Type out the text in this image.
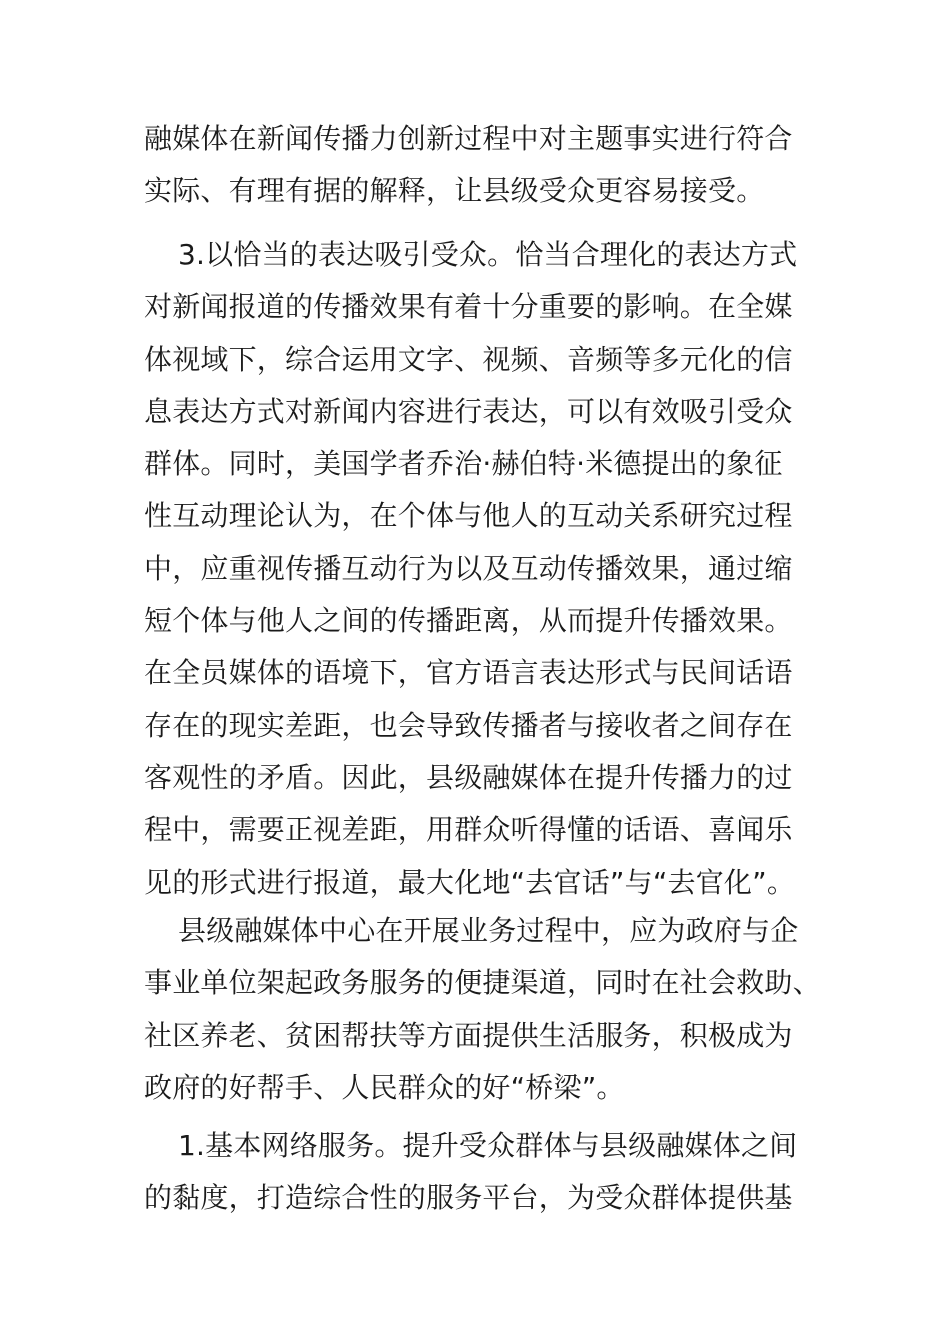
融媒体在新闻传播力创新过程中对主题事实进行符合
实际、有理有据的解释，让县级受众更容易接受。
3.以恰当的表达吸引受众。恰当合理化的表达方式
对新闻报道的传播效果有着十分重要的影响。在全媒
体视域下，综合运用文字、视频、音频等多元化的信
息表达方式对新闻内容进行表达，可以有效吸引受众
群体。同时，美国学者乔治·赫伯特·米德提出的象征
性互动理论认为，在个体与他人的互动关系研究过程
中，应重视传播互动行为以及互动传播效果，通过缩
短个体与他人之间的传播距离，从而提升传播效果。
在全员媒体的语境下，官方语言表达形式与民间话语
存在的现实差距，也会导致传播者与接收者之间存在
客观性的矛盾。因此，县级融媒体在提升传播力的过
程中，需要正视差距，用群众听得懂的话语、喜闻乐
见的形式进行报道，最大化地“去官话”与“去官化”。
县级融媒体中心在开展业务过程中，应为政府与企
事业单位架起政务服务的便捷渠道，同时在社会救助、
社区养老、贫困帮扶等方面提供生活服务，积极成为
政府的好帮手、人民群众的好“桥梁”。
1.基本网络服务。提升受众群体与县级融媒体之间
的黏度，打造综合性的服务平台，为受众群体提供基
